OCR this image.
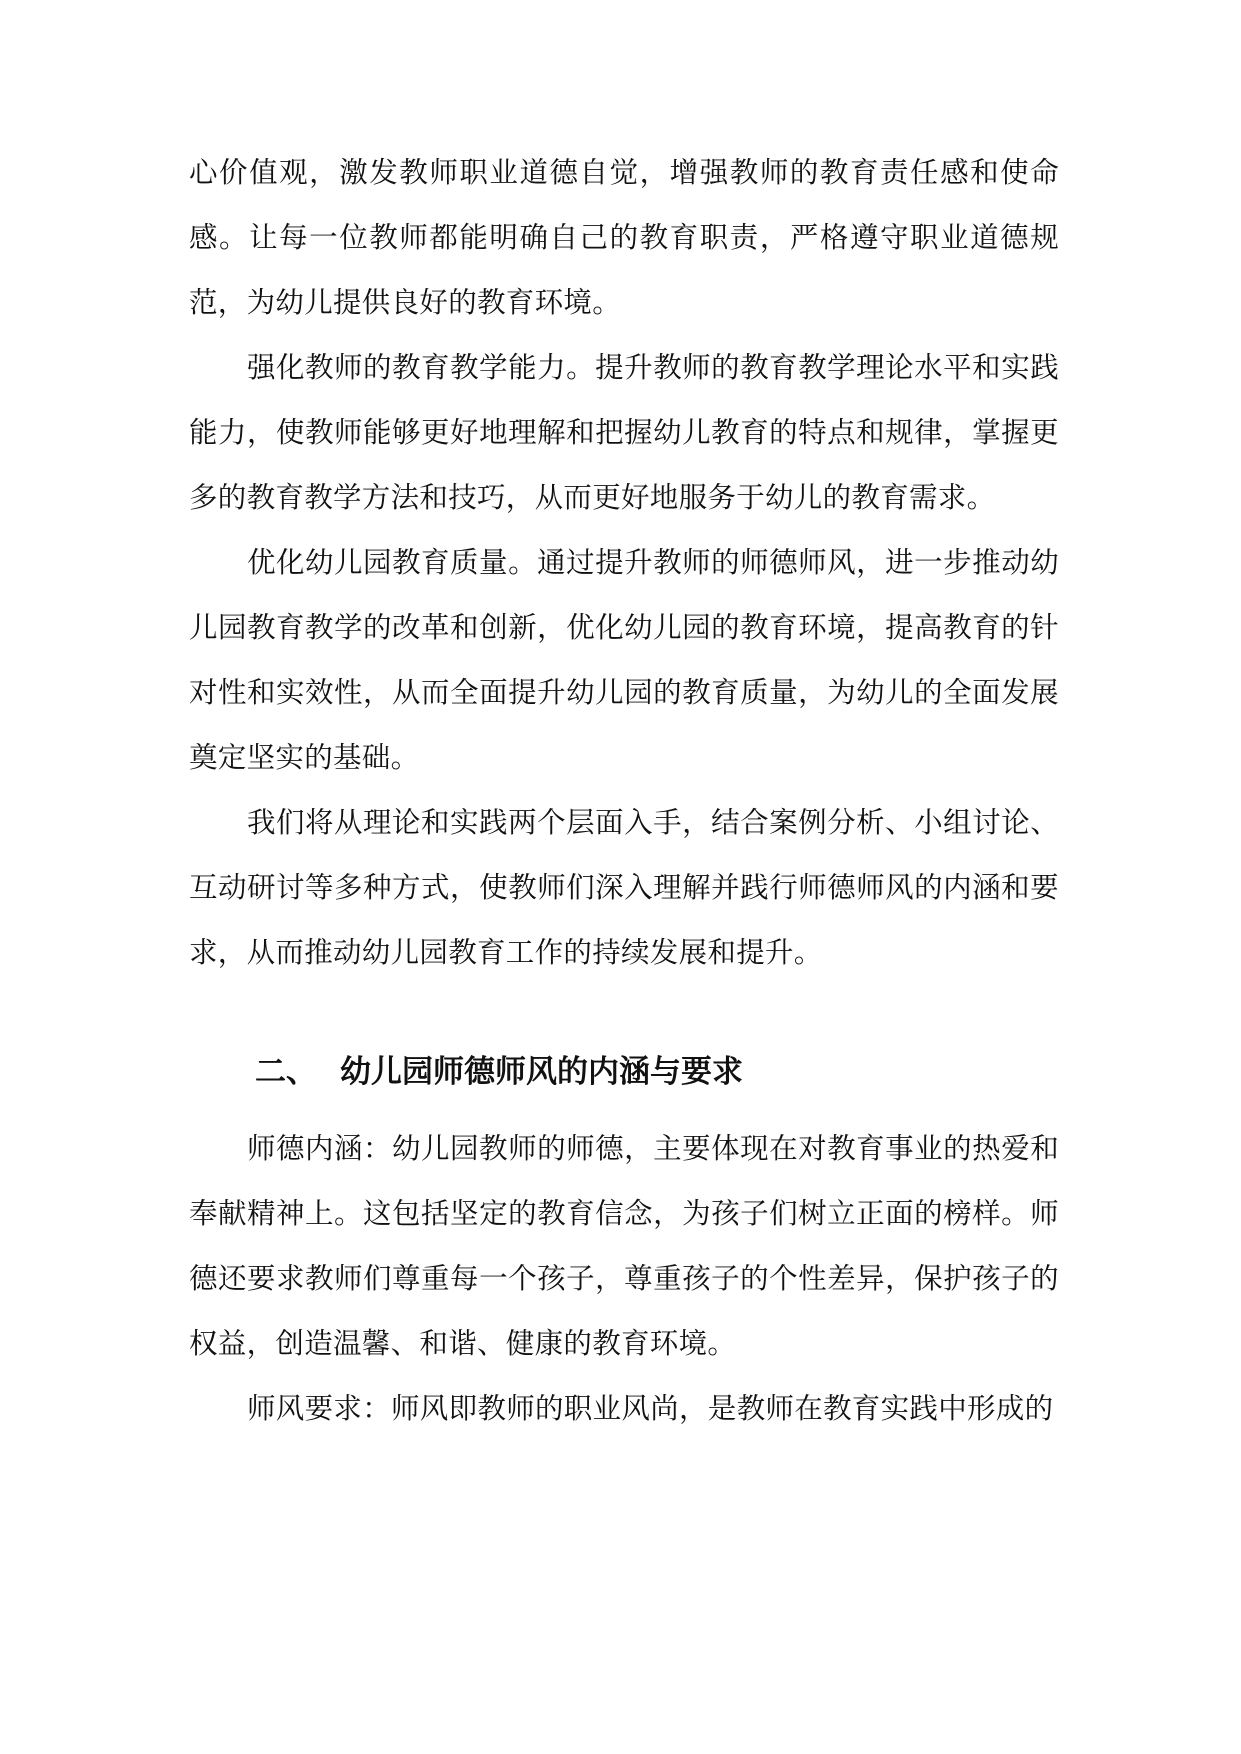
心价值观，激发教师职业道德自觉，增强教师的教育责任感和使命感。让每一位教师都能明确自己的教育职责，严格遵守职业道德规范，为幼儿提供良好的教育环境。

强化教师的教育教学能力。提升教师的教育教学理论水平和实践能力，使教师能够更好地理解和把握幼儿教育的特点和规律，掌握更多的教育教学方法和技巧，从而更好地服务于幼儿的教育需求。

优化幼儿园教育质量。通过提升教师的师德师风，进一步推动幼儿园教育教学的改革和创新，优化幼儿园的教育环境，提高教育的针对性和实效性，从而全面提升幼儿园的教育质量，为幼儿的全面发展奠定坚实的基础。

我们将从理论和实践两个层面入手，结合案例分析、小组讨论、互动研讨等多种方式，使教师们深入理解并践行师德师风的内涵和要求，从而推动幼儿园教育工作的持续发展和提升。

二、 幼儿园师德师风的内涵与要求

师德内涵：幼儿园教师的师德，主要体现在对教育事业的热爱和奉献精神上。这包括坚定的教育信念，为孩子们树立正面的榜样。师德还要求教师们尊重每一个孩子，尊重孩子的个性差异，保护孩子的权益，创造温馨、和谐、健康的教育环境。

师风要求：师风即教师的职业风尚，是教师在教育实践中形成的
